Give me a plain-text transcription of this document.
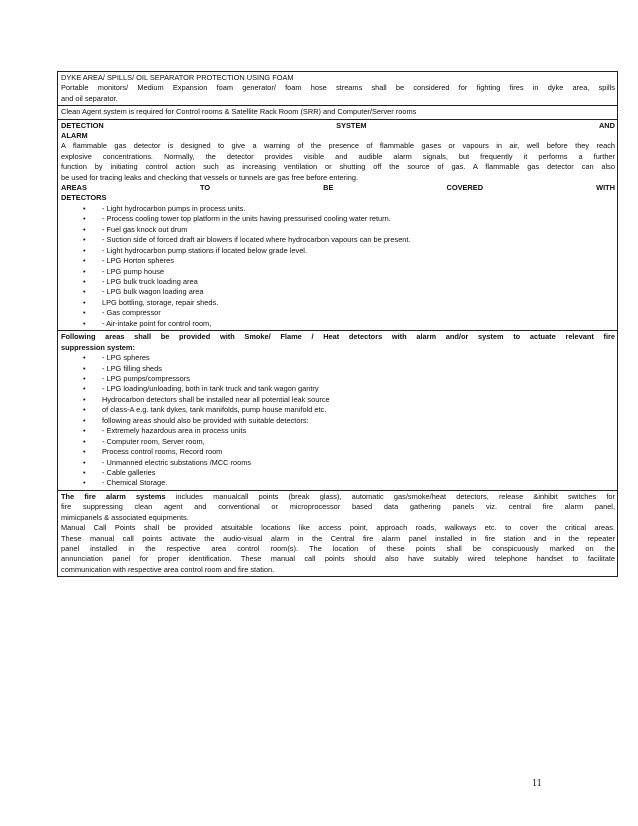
DYKE AREA/ SPILLS/ OIL SEPARATOR PROTECTION USING FOAM
Portable monitors/ Medium Expansion foam generator/ foam hose streams shall be considered for fighting fires in dyke area, spills
and oil separator.
Clean Agent system is required for Control rooms & Satellite Rack Room (SRR) and Computer/Server rooms
DETECTION	SYSTEM	AND
ALARM
A flammable gas detector is designed to give a warning of the presence of flammable gases or vapours in air, well before they reach
explosive concentrations. Normally, the detector provides visible and audible alarm signals, but frequently it performs a further
function by initiating control action such as increasing ventilation or shutting off the source of gas. A flammable gas detector can also
be used for tracing leaks and checking that vessels or tunnels are gas free before entering.
AREAS	TO	BE	COVERED	WITH
DETECTORS
• - Light hydrocarbon pumps in process units.
• - Process cooling tower top platform in the units having pressurised cooling water return.
• - Fuel gas knock out drum
• - Suction side of forced draft air blowers if located where hydrocarbon vapours can be present.
• - Light hydrocarbon pump stations if located below grade level.
• - LPG Horton spheres
• - LPG pump house
• - LPG bulk truck loading area
• - LPG bulk wagon loading area
• LPG bottling, storage, repair sheds.
• - Gas compressor
• - Air-intake point for control room,
Following areas shall be provided with Smoke/ Flame / Heat detectors with alarm and/or system to actuate relevant fire
suppression system:
• - LPG spheres
• - LPG filling sheds
• - LPG pumps/compressors
• - LPG loading/unloading, both in tank truck and tank wagon gantry
• Hydrocarbon detectors shall be installed near all potential leak source
• of class-A e.g. tank dykes, tank manifolds, pump house manifold etc.
• following areas should also be provided with suitable detectors:
• - Extremely hazardous area in process units
• - Computer room, Server room,
• Process control rooms, Record room
• - Unmanned electric substations /MCC rooms
• - Cable galleries
• - Chemical Storage.
The fire alarm systems includes manualcall points (break glass), automatic gas/smoke/heat detectors, release &inhibit switches for
fire suppressing clean agent and conventional or microprocessor based data gathering panels viz. central fire alarm panel,
mimicpanels & associated equipments.
Manual Call Points shall be provided atsuitable locations like access point, approach roads, walkways etc. to cover the critical areas.
These manual call points activate the audio-visual alarm in the Central fire alarm panel installed in fire station and in the repeater
panel installed in the respective area control room(s). The location of these points shall be conspicuously marked on the
annunciation panel for proper identification. These manual call points should also have suitably wired telephone handset to facilitate
communication with respective area control room and fire station.
11
